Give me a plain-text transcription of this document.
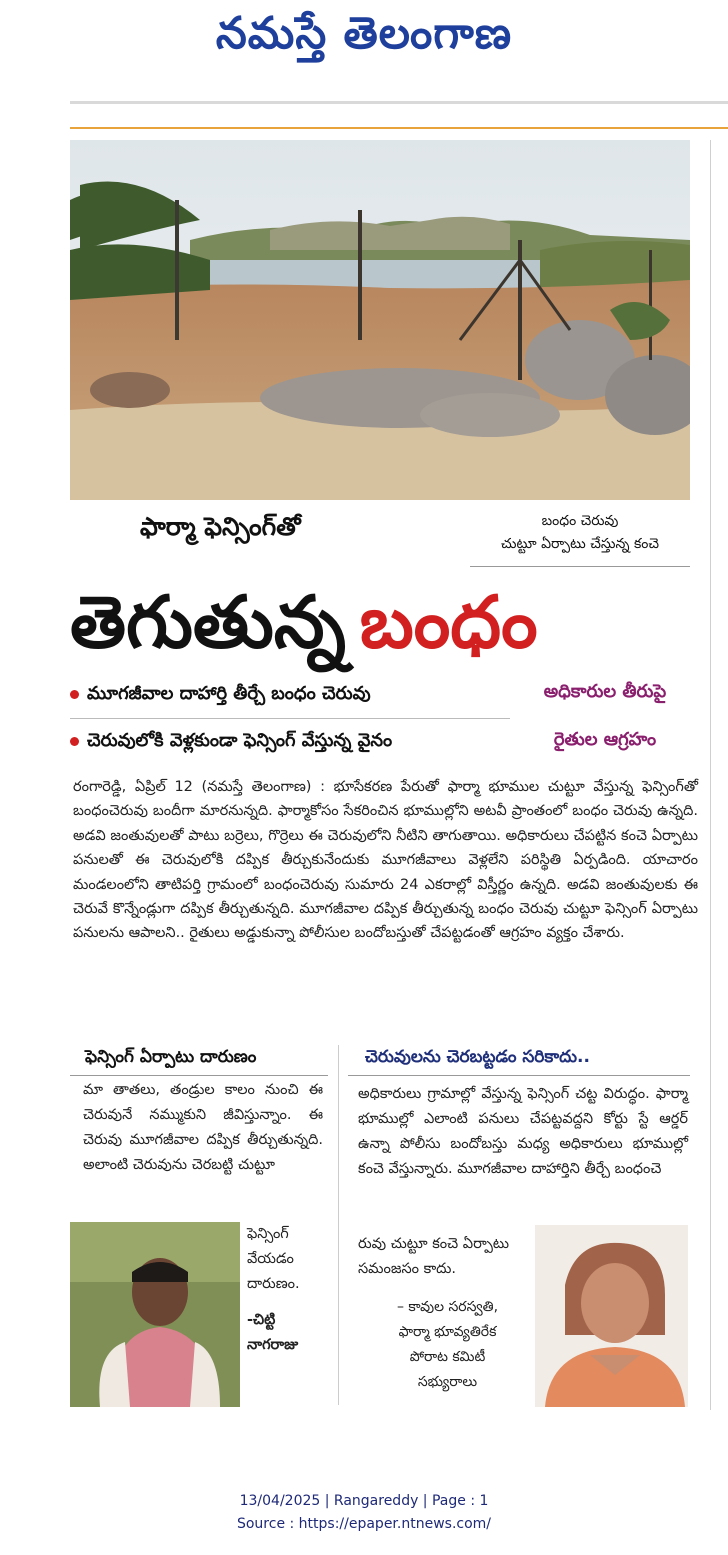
నమస్తే తెలంగాణ
ఫార్మా ఫెన్సింగ్‌తో	బంధం చెరువు
చుట్టూ ఏర్పాటు చేస్తున్న కంచె
తెగుతున్న బంధం
మూగజీవాల దాహార్తి తీర్చే బంధం చెరువు
చెరువులోకి వెళ్లకుండా ఫెన్సింగ్ వేస్తున్న వైనం
అధికారుల తీరుపై
రైతుల ఆగ్రహం

రంగారెడ్డి, ఏప్రిల్ 12 (నమస్తే తెలంగాణ) : భూసేకరణ పేరుతో ఫార్మా భూముల చుట్టూ వేస్తున్న ఫెన్సింగ్‌తో బంధంచెరువు బందీగా మారనున్నది. ఫార్మాకోసం సేకరించిన భూముల్లోని అటవీ ప్రాంతంలో బంధం చెరువు ఉన్నది. అడవి జంతువులతో పాటు బర్రెలు, గొర్రెలు ఈ చెరువులోని నీటిని తాగుతాయి. అధికారులు చేపట్టిన కంచె ఏర్పాటు పనులతో ఈ చెరువులోకి దప్పిక తీర్చుకునేందుకు మూగజీవాలు వెళ్లలేని పరిస్థితి ఏర్పడింది. యాచారం మండలంలోని తాటిపర్తి గ్రామంలో బంధంచెరువు సుమారు 24 ఎకరాల్లో విస్తీర్ణం ఉన్నది. అడవి జంతువులకు ఈ చెరువే కొన్నేండ్లుగా దప్పిక తీర్చుతున్నది. మూగజీవాల దప్పిక తీర్చుతున్న బంధం చెరువు చుట్టూ ఫెన్సింగ్ ఏర్పాటు పనులను ఆపాలని.. రైతులు అడ్డుకున్నా పోలీసుల బందోబస్తుతో చేపట్టడంతో ఆగ్రహం వ్యక్తం చేశారు.

ఫెన్సింగ్ ఏర్పాటు దారుణం
మా తాతలు, తండ్రుల కాలం నుంచి ఈ చెరువునే నమ్ముకుని జీవిస్తున్నాం. ఈ చెరువు మూగజీవాల దప్పిక తీర్చుతున్నది. అలాంటి చెరువును చెరబట్టి చుట్టూ
ఫెన్సింగ్ వేయడం దారుణం.
-చిట్టి
నాగరాజు
చెరువులను చెరబట్టడం సరికాదు..
అధికారులు గ్రామాల్లో వేస్తున్న ఫెన్సింగ్ చట్ట విరుద్ధం. ఫార్మా భూముల్లో ఎలాంటి పనులు చేపట్టవద్దని కోర్టు స్టే ఆర్డర్ ఉన్నా పోలీసు బందోబస్తు మధ్య అధికారులు భూముల్లో కంచె వేస్తున్నారు. మూగజీవాల దాహార్తిని తీర్చే బంధంచె
రువు చుట్టూ కంచె ఏర్పాటు సమంజసం కాదు.
– కావుల సరస్వతి,
ఫార్మా భూవ్యతిరేక
పోరాట కమిటీ
సభ్యురాలు
13/04/2025 | Rangareddy | Page : 1
Source : https://epaper.ntnews.com/
